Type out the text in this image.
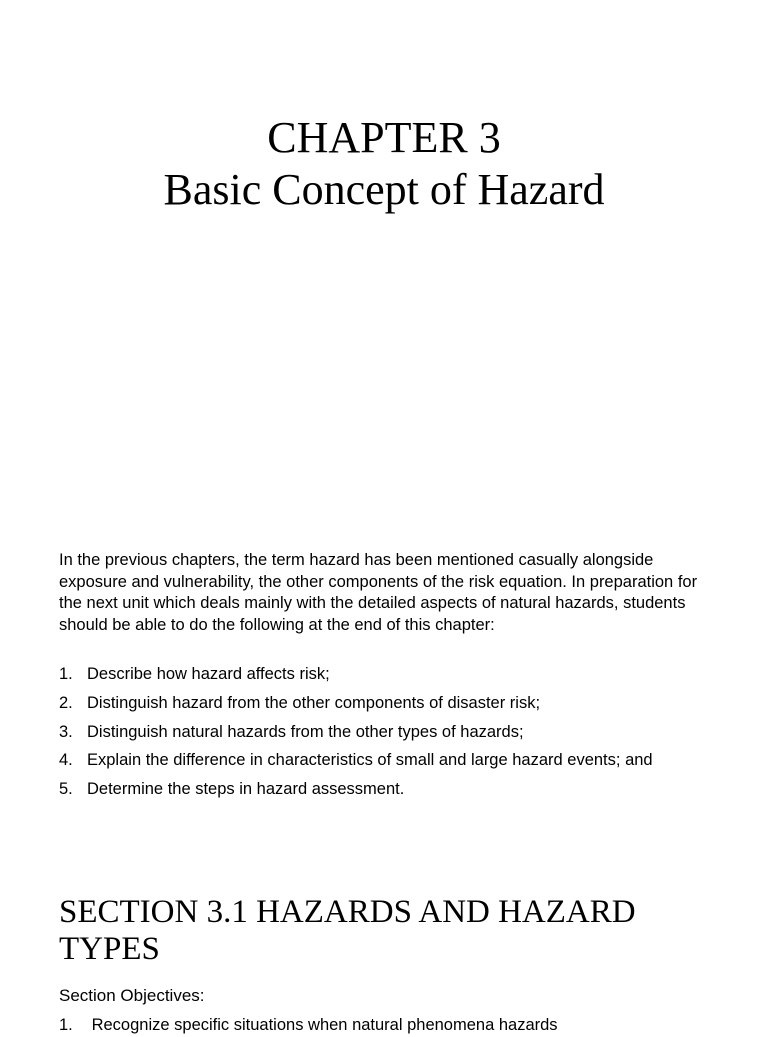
CHAPTER 3
Basic Concept of Hazard

In the previous chapters, the term hazard has been mentioned casually alongside exposure and vulnerability, the other components of the risk equation. In preparation for the next unit which deals mainly with the detailed aspects of natural hazards, students should be able to do the following at the end of this chapter:

1. Describe how hazard affects risk;
2. Distinguish hazard from the other components of disaster risk;
3. Distinguish natural hazards from the other types of hazards;
4. Explain the difference in characteristics of small and large hazard events; and
5. Determine the steps in hazard assessment.
SECTION 3.1 HAZARDS AND HAZARD TYPES

Section Objectives:

1. Recognize specific situations when natural phenomena hazards
